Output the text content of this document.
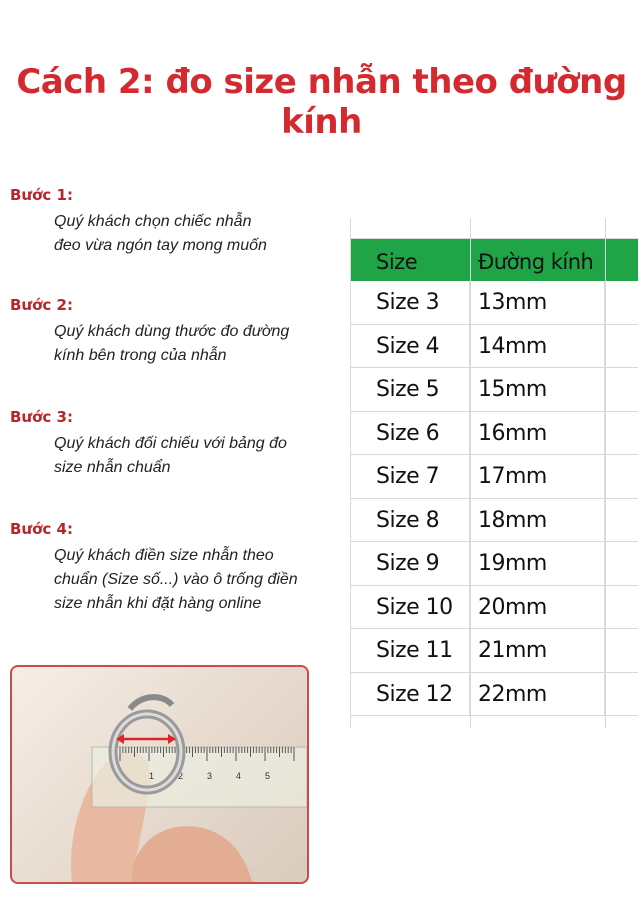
Cách 2: đo size nhẫn theo đường kính
Bước 1:
Quý khách chọn chiếc nhẫn
đeo vừa ngón tay mong muốn
Bước 2:
Quý khách dùng thước đo đường
kính bên trong của nhẫn
Bước 3:
Quý khách đối chiếu với bảng đo
size nhẫn chuẩn
Bước 4:
Quý khách điền size nhẫn theo
chuẩn (Size số...) vào ô trống điền
size nhẫn khi đặt hàng online
Size	Đường kính
Size 3	13mm
Size 4	14mm
Size 5	15mm
Size 6	16mm
Size 7	17mm
Size 8	18mm
Size 9	19mm
Size 10	20mm
Size 11	21mm
Size 12	22mm
0	1	2	3	4	5
